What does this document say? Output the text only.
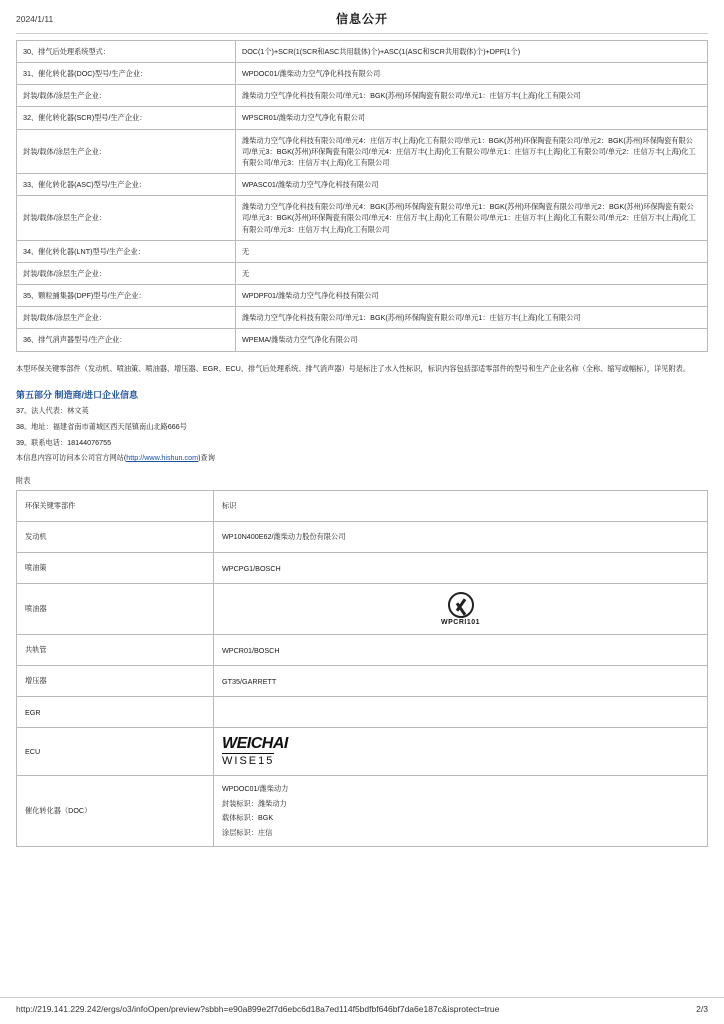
2024/1/11	信息公开
30、排气后处理系统型式：	DOC(1个)+SCR(1(SCR和ASC共用载体)个)+ASC(1(ASC和SCR共用载体)个)+DPF(1个)
31、催化转化器(DOC)型号/生产企业：	WPDOC01/潍柴动力空气净化科技有限公司
封装/载体/涂层生产企业：	潍柴动力空气净化科技有限公司/单元1：BGK(苏州)环保陶瓷有限公司/单元1：庄信万丰(上海)化工有限公司
32、催化转化器(SCR)型号/生产企业：	WPSCR01/潍柴动力空气净化有限公司
封装/载体/涂层生产企业：	潍柴动力空气净化科技有限公司/单元4：庄信万丰(上海)化工有限公司/单元1：BGK(苏州)环保陶瓷有限公司/单元2：BGK(苏州)环保陶瓷有限公司/单元3：BGK(苏州)环保陶瓷有限公司/单元4：庄信万丰(上海)化工有限公司/单元1：庄信万丰(上海)化工有限公司/单元2：庄信万丰(上海)化工有限公司/单元3：庄信万丰(上海)化工有限公司
33、催化转化器(ASC)型号/生产企业：	WPASC01/潍柴动力空气净化科技有限公司
封装/载体/涂层生产企业：	潍柴动力空气净化科技有限公司/单元4：BGK(苏州)环保陶瓷有限公司/单元1：BGK(苏州)环保陶瓷有限公司/单元2：BGK(苏州)环保陶瓷有限公司/单元3：BGK(苏州)环保陶瓷有限公司/单元4：庄信万丰(上海)化工有限公司/单元1：庄信万丰(上海)化工有限公司/单元2：庄信万丰(上海)化工有限公司/单元3：庄信万丰(上海)化工有限公司
34、催化转化器(LNT)型号/生产企业：	无
封装/载体/涂层生产企业：	无
35、颗粒捕集器(DPF)型号/生产企业：	WPDPF01/潍柴动力空气净化科技有限公司
封装/载体/涂层生产企业：	潍柴动力空气净化科技有限公司/单元1：BGK(苏州)环保陶瓷有限公司/单元1：庄信万丰(上海)化工有限公司
36、排气消声器型号/生产企业：	WPEMA/潍柴动力空气净化有限公司
本型环保关键零部件（发动机、喷油策、喷油器、增压器、EGR、ECU、排气后处理系统、排气消声器）号是标注了水入性标识，标识内容包括部适零部件的型号和生产企业名称（全称、缩写或幅标），详见附表。
第五部分 制造商/进口企业信息
37。法人代表：林文英
38。地址：福建省南市莆城区西天尾镇南山北路666号
39。联系电话：18144076755
本信息内容可访问本公司官方网站(http://www.hishun.com)查询
附表
环保关键零部件	标识
发动机	WP10N400E62/潍柴动力股份有限公司
喷油策	WPCPG1/BOSCH
喷油器	WPCRI101

共轨管	WPCR01/BOSCH
增压器	GT35/GARRETT
EGR	
ECU	WEICHAI
WISE15

催化转化器（DOC）	WPDOC01/潍柴动力
封装标识：潍柴动力
载体标识：BGK
涂层标识：庄信
http://219.141.229.242/ergs/o3/infoOpen/preview?sbbh=e90a899e2f7d6ebc6d18a7ed114f5bdfbf646bf7da6e187c&isprotect=true	2/3
